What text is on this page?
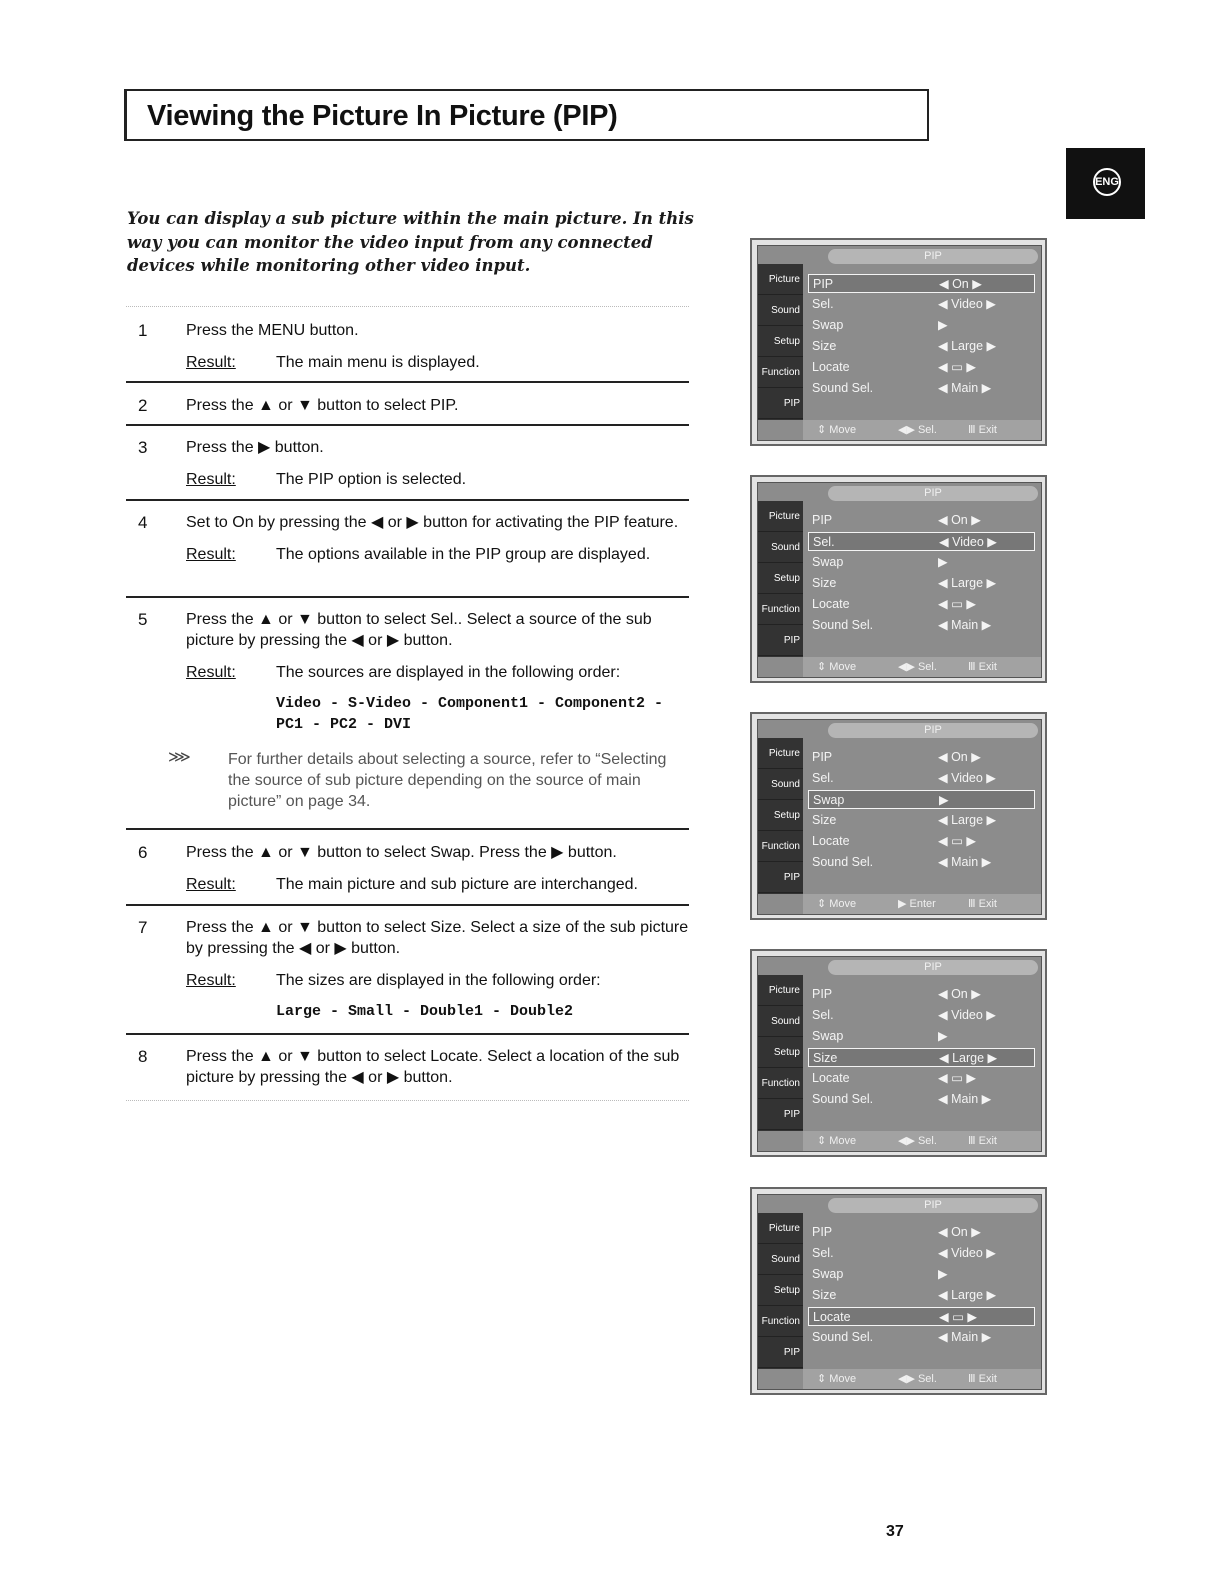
Viewing the Picture In Picture (PIP)
ENG
You can display a sub picture within the main picture. In this way you can monitor the video input from any connected devices while monitoring other video input.
1 Press the MENU button.
Result:	The main menu is displayed.
2 Press the ▲ or ▼ button to select PIP.
3 Press the ▶ button.
Result:	The PIP option is selected.
4 Set to On by pressing the ◀ or ▶ button for activating the PIP feature.
Result:	The options available in the PIP group are displayed.
5 Press the ▲ or ▼ button to select Sel.. Select a source of the sub picture by pressing the ◀ or ▶ button.
Result:	The sources are displayed in the following order:
Video - S-Video - Component1 - Component2 - PC1 - PC2 - DVI
⋙ For further details about selecting a source, refer to “Selecting the source of sub picture depending on the source of main picture” on page 34.
6 Press the ▲ or ▼ button to select Swap. Press the ▶ button.
Result:	The main picture and sub picture are interchanged.
7 Press the ▲ or ▼ button to select Size. Select a size of the sub picture by pressing the ◀ or ▶ button.
Result:	The sizes are displayed in the following order:
Large - Small - Double1 - Double2
8 Press the ▲ or ▼ button to select Locate. Select a location of the sub picture by pressing the ◀ or ▶ button.
PIP
Picture
Sound
Setup
Function
PIP
PIP	◀ On ▶
Sel.	◀ Video ▶
Swap	▶
Size	◀ Large ▶
Locate	◀ ▭ ▶
Sound Sel.	◀ Main ▶
⇕ Move	◀▶ Sel.	Ⅲ Exit
PIP
Picture
Sound
Setup
Function
PIP
PIP	◀ On ▶
Sel.	◀ Video ▶
Swap	▶
Size	◀ Large ▶
Locate	◀ ▭ ▶
Sound Sel.	◀ Main ▶
⇕ Move	◀▶ Sel.	Ⅲ Exit
PIP
Picture
Sound
Setup
Function
PIP
PIP	◀ On ▶
Sel.	◀ Video ▶
Swap	▶
Size	◀ Large ▶
Locate	◀ ▭ ▶
Sound Sel.	◀ Main ▶
⇕ Move	▶ Enter	Ⅲ Exit
PIP
Picture
Sound
Setup
Function
PIP
PIP	◀ On ▶
Sel.	◀ Video ▶
Swap	▶
Size	◀ Large ▶
Locate	◀ ▭ ▶
Sound Sel.	◀ Main ▶
⇕ Move	◀▶ Sel.	Ⅲ Exit
PIP
Picture
Sound
Setup
Function
PIP
PIP	◀ On ▶
Sel.	◀ Video ▶
Swap	▶
Size	◀ Large ▶
Locate	◀ ▭ ▶
Sound Sel.	◀ Main ▶
⇕ Move	◀▶ Sel.	Ⅲ Exit
37
